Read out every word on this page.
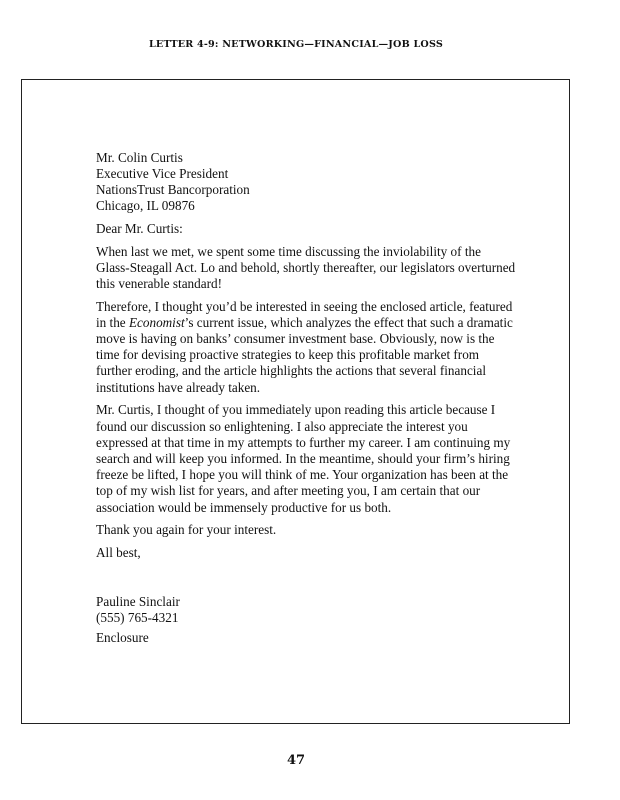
LETTER 4-9: NETWORKING—FINANCIAL—JOB LOSS

Mr. Colin Curtis
Executive Vice President
NationsTrust Bancorporation
Chicago, IL 09876

Dear Mr. Curtis:

When last we met, we spent some time discussing the inviolability of the Glass-Steagall Act. Lo and behold, shortly thereafter, our legislators overturned this venerable standard!

Therefore, I thought you’d be interested in seeing the enclosed article, featured in the Economist’s current issue, which analyzes the effect that such a dramatic move is having on banks’ consumer investment base. Obviously, now is the time for devising proactive strategies to keep this profitable market from further eroding, and the article highlights the actions that several financial institutions have already taken.

Mr. Curtis, I thought of you immediately upon reading this article because I found our discussion so enlightening. I also appreciate the interest you expressed at that time in my attempts to further my career. I am continuing my search and will keep you informed. In the meantime, should your firm’s hiring freeze be lifted, I hope you will think of me. Your organization has been at the top of my wish list for years, and after meeting you, I am certain that our association would be immensely productive for us both.

Thank you again for your interest.

All best,

Pauline Sinclair
(555) 765-4321

Enclosure

47
